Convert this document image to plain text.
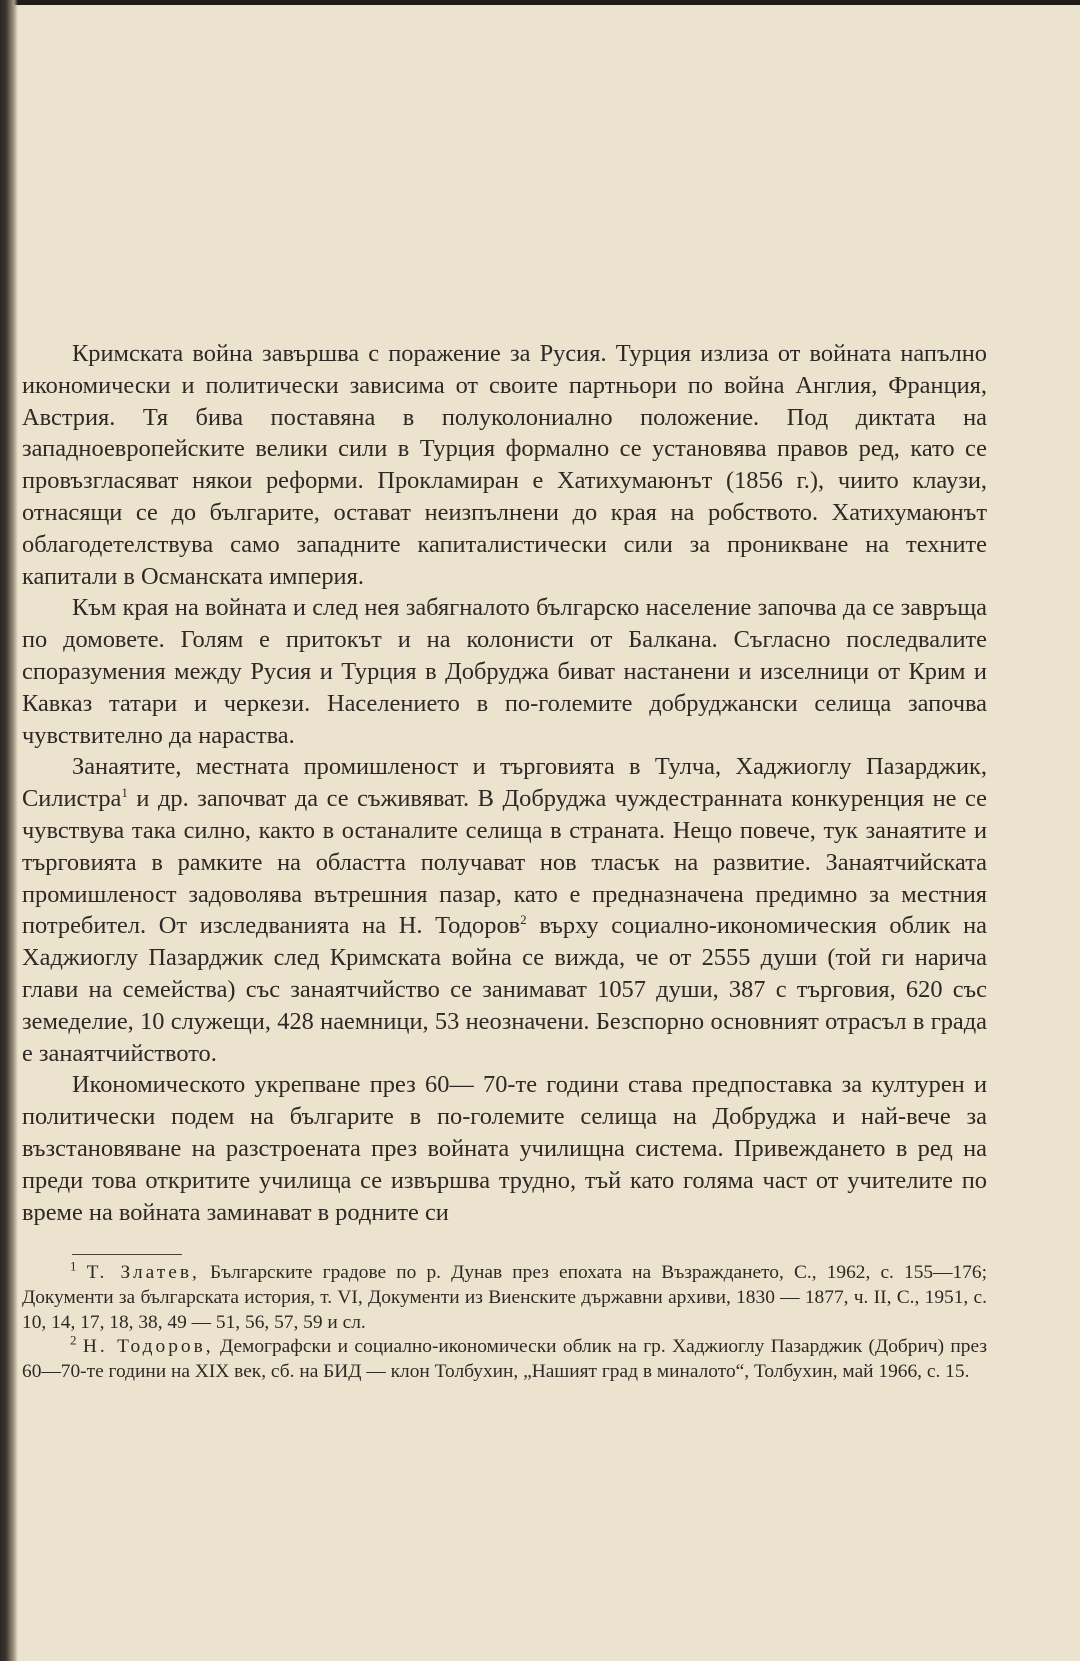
Кримската война завършва с поражение за Русия. Турция излиза от войната напълно икономически и политически зависима от своите партньори по война Англия, Франция, Австрия. Тя бива поставяна в полуколониално положение. Под диктата на западноевропейските велики сили в Турция формално се установява правов ред, като се провъзгласяват някои реформи. Прокламиран е Хатихумаюнът (1856 г.), чиито клаузи, отнасящи се до българите, остават неизпълнени до края на робството. Хатихумаюнът облагодетелствува само западните капиталистически сили за проникване на техните капитали в Османската империя.

Към края на войната и след нея забягналото българско население започва да се завръща по домовете. Голям е притокът и на колонисти от Балкана. Съгласно последвалите споразумения между Русия и Турция в Добруджа биват настанени и изселници от Крим и Кавказ татари и черкези. Населението в по-големите добруджански селища започва чувствително да нараства.

Занаятите, местната промишленост и търговията в Тулча, Хаджиоглу Пазарджик, Силистра$^1$ и др. започват да се съживяват. В Добруджа чуждестранната конкуренция не се чувствува така силно, както в останалите селища в страната. Нещо повече, тук занаятите и търговията в рамките на областта получават нов тласък на развитие. Занаятчийската промишленост задоволява вътрешния пазар, като е предназначена предимно за местния потребител. От изследванията на Н. Тодоров$^2$ върху социално-икономическия облик на Хаджиоглу Пазарджик след Кримската война се вижда, че от 2555 души (той ги нарича глави на семейства) със занаятчийство се занимават 1057 души, 387 с търговия, 620 със земеделие, 10 служещи, 428 наемници, 53 неозначени. Безспорно основният отрасъл в града е занаятчийството.

Икономическото укрепване през 60— 70-те години става предпоставка за културен и политически подем на българите в по-големите селища на Добруджа и най-вече за възстановяване на разстроената през войната училищна система. Привеждането в ред на преди това откритите училища се извършва трудно, тъй като голяма част от учителите по време на войната заминават в родните си

$^1$ Т. Златев, Българските градове по р. Дунав през епохата на Възраждането, С., 1962, с. 155—176; Документи за българската история, т. VI, Документи из Виенските държавни архиви, 1830 — 1877, ч. II, С., 1951, с. 10, 14, 17, 18, 38, 49 — 51, 56, 57, 59 и сл.

$^2$ Н. Тодоров, Демографски и социално-икономически облик на гр. Хаджиоглу Пазарджик (Добрич) през 60—70-те години на XIX век, сб. на БИД — клон Толбухин, „Нашият град в миналото“, Толбухин, май 1966, с. 15.
